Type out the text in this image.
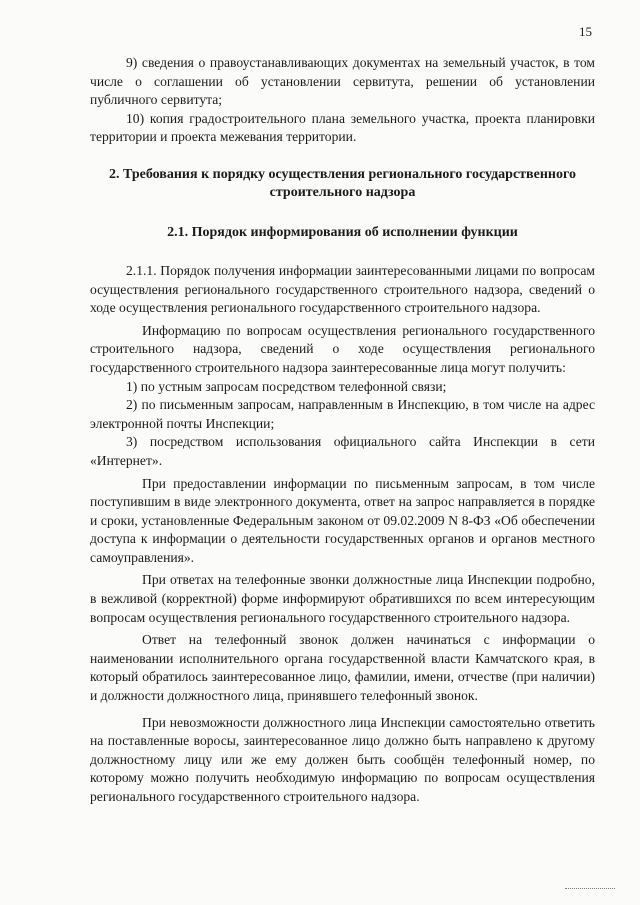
15

9) сведения о правоустанавливающих документах на земельный участок, в том числе о соглашении об установлении сервитута, решении об установлении публичного сервитута;

10) копия градостроительного плана земельного участка, проекта планировки территории и проекта межевания территории.

2. Требования к порядку осуществления регионального государственного строительного надзора
2.1. Порядок информирования об исполнении функции

2.1.1. Порядок получения информации заинтересованными лицами по вопросам осуществления регионального государственного строительного надзора, сведений о ходе осуществления регионального государственного строительного надзора.

Информацию по вопросам осуществления регионального государственного строительного надзора, сведений о ходе осуществления регионального государственного строительного надзора заинтересованные лица могут получить:

1) по устным запросам посредством телефонной связи;

2) по письменным запросам, направленным в Инспекцию, в том числе на адрес электронной почты Инспекции;

3) посредством использования официального сайта Инспекции в сети «Интернет».

При предоставлении информации по письменным запросам, в том числе поступившим в виде электронного документа, ответ на запрос направляется в порядке и сроки, установленные Федеральным законом от 09.02.2009 N 8-ФЗ «Об обеспечении доступа к информации о деятельности государственных органов и органов местного самоуправления».

При ответах на телефонные звонки должностные лица Инспекции подробно, в вежливой (корректной) форме информируют обратившихся по всем интересующим вопросам осуществления регионального государственного строительного надзора.

Ответ на телефонный звонок должен начинаться с информации о наименовании исполнительного органа государственной власти Камчатского края, в который обратилось заинтересованное лицо, фамилии, имени, отчестве (при наличии) и должности должностного лица, принявшего телефонный звонок.

При невозможности должностного лица Инспекции самостоятельно ответить на поставленные воросы, заинтересованное лицо должно быть направлено к другому должностному лицу или же ему должен быть сообщён телефонный номер, по которому можно получить необходимую информацию по вопросам осуществления регионального государственного строительного надзора.
